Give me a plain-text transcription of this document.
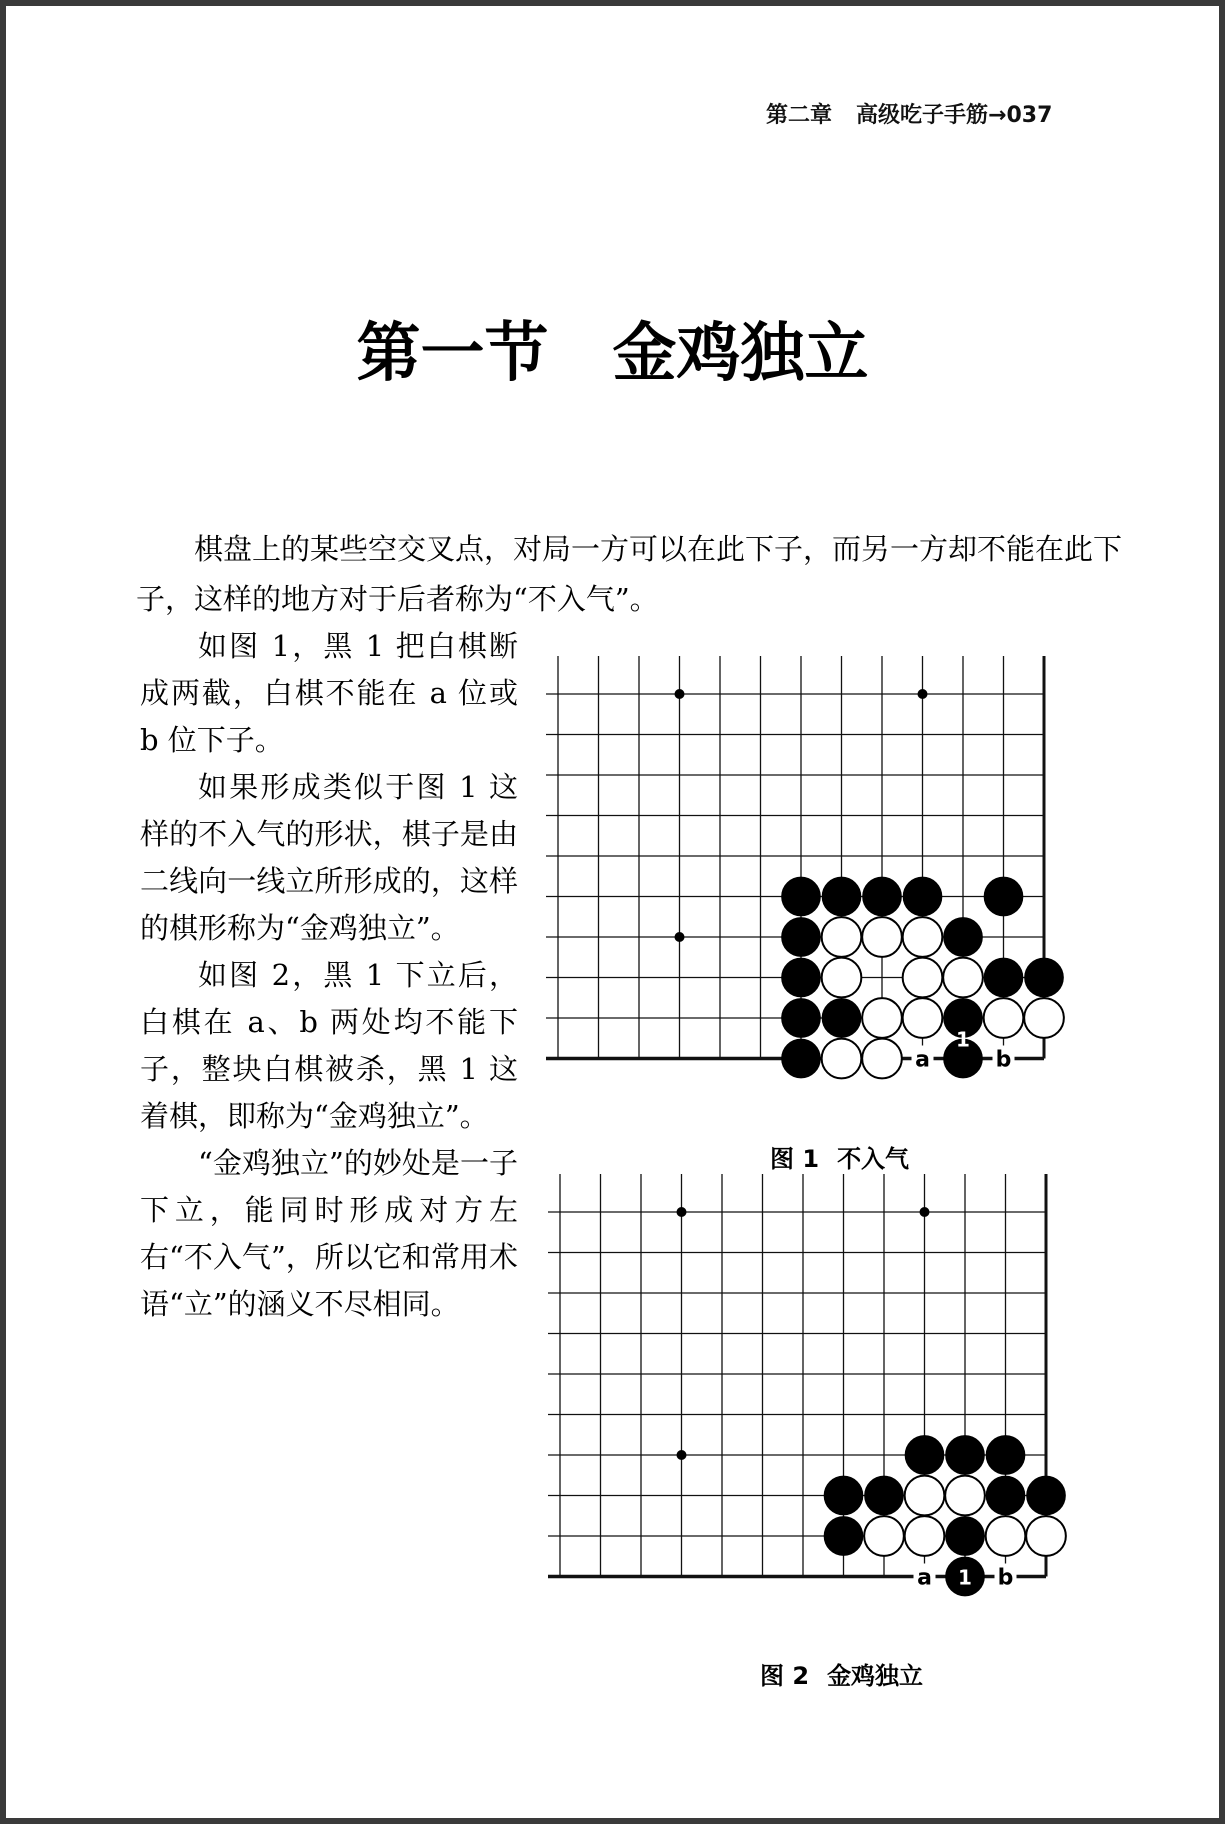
第二章 高级吃子手筋→037
第一节 金鸡独立

棋盘上的某些空交叉点，对局一方可以在此下子，而另一方却不能在此下子，这样的地方对于后者称为“不入气”。

如图 1，黑 1 把白棋断成两截，白棋不能在 a 位或 b 位下子。

如果形成类似于图 1 这样的不入气的形状，棋子是由二线向一线立所形成的，这样的棋形称为“金鸡独立”。

如图 2，黑 1 下立后，白棋在 a、b 两处均不能下子，整块白棋被杀，黑 1 这着棋，即称为“金鸡独立”。

“金鸡独立”的妙处是一子下立，能同时形成对方左右“不入气”，所以它和常用术语“立”的涵义不尽相同。

a
1
b
图 1 不入气
a 1 b
图 2 金鸡独立
